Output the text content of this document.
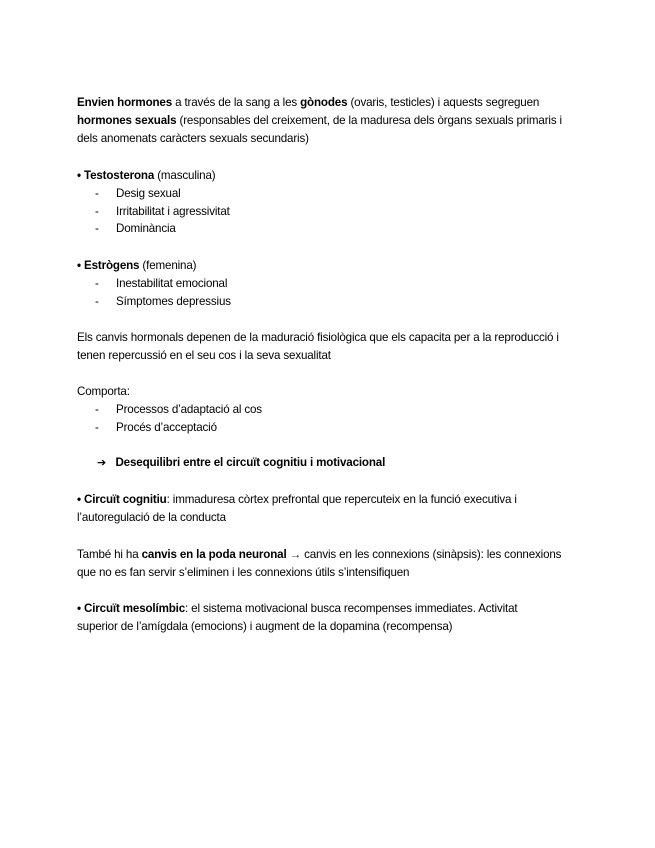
Envien hormones a través de la sang a les gònodes (ovaris, testicles) i aquests segreguen
hormones sexuals (responsables del creixement, de la maduresa dels òrgans sexuals primaris i
dels anomenats caràcters sexuals secundaris)
• Testosterona (masculina)
- Desig sexual
- Irritabilitat i agressivitat
- Dominància
• Estrògens (femenina)
- Inestabilitat emocional
- Símptomes depressius
Els canvis hormonals depenen de la maduració fisiològica que els capacita per a la reproducció i
tenen repercussió en el seu cos i la seva sexualitat
Comporta:
- Processos d’adaptació al cos
- Procés d’acceptació
➔ Desequilibri entre el circuït cognitiu i motivacional
• Circuït cognitiu: immaduresa còrtex prefrontal que repercuteix en la funció executiva i
l’autoregulació de la conducta
També hi ha canvis en la poda neuronal → canvis en les connexions (sinàpsis): les connexions
que no es fan servir s’eliminen i les connexions útils s’intensifiquen
• Circuït mesolímbic: el sistema motivacional busca recompenses immediates. Activitat
superior de l’amígdala (emocions) i augment de la dopamina (recompensa)
